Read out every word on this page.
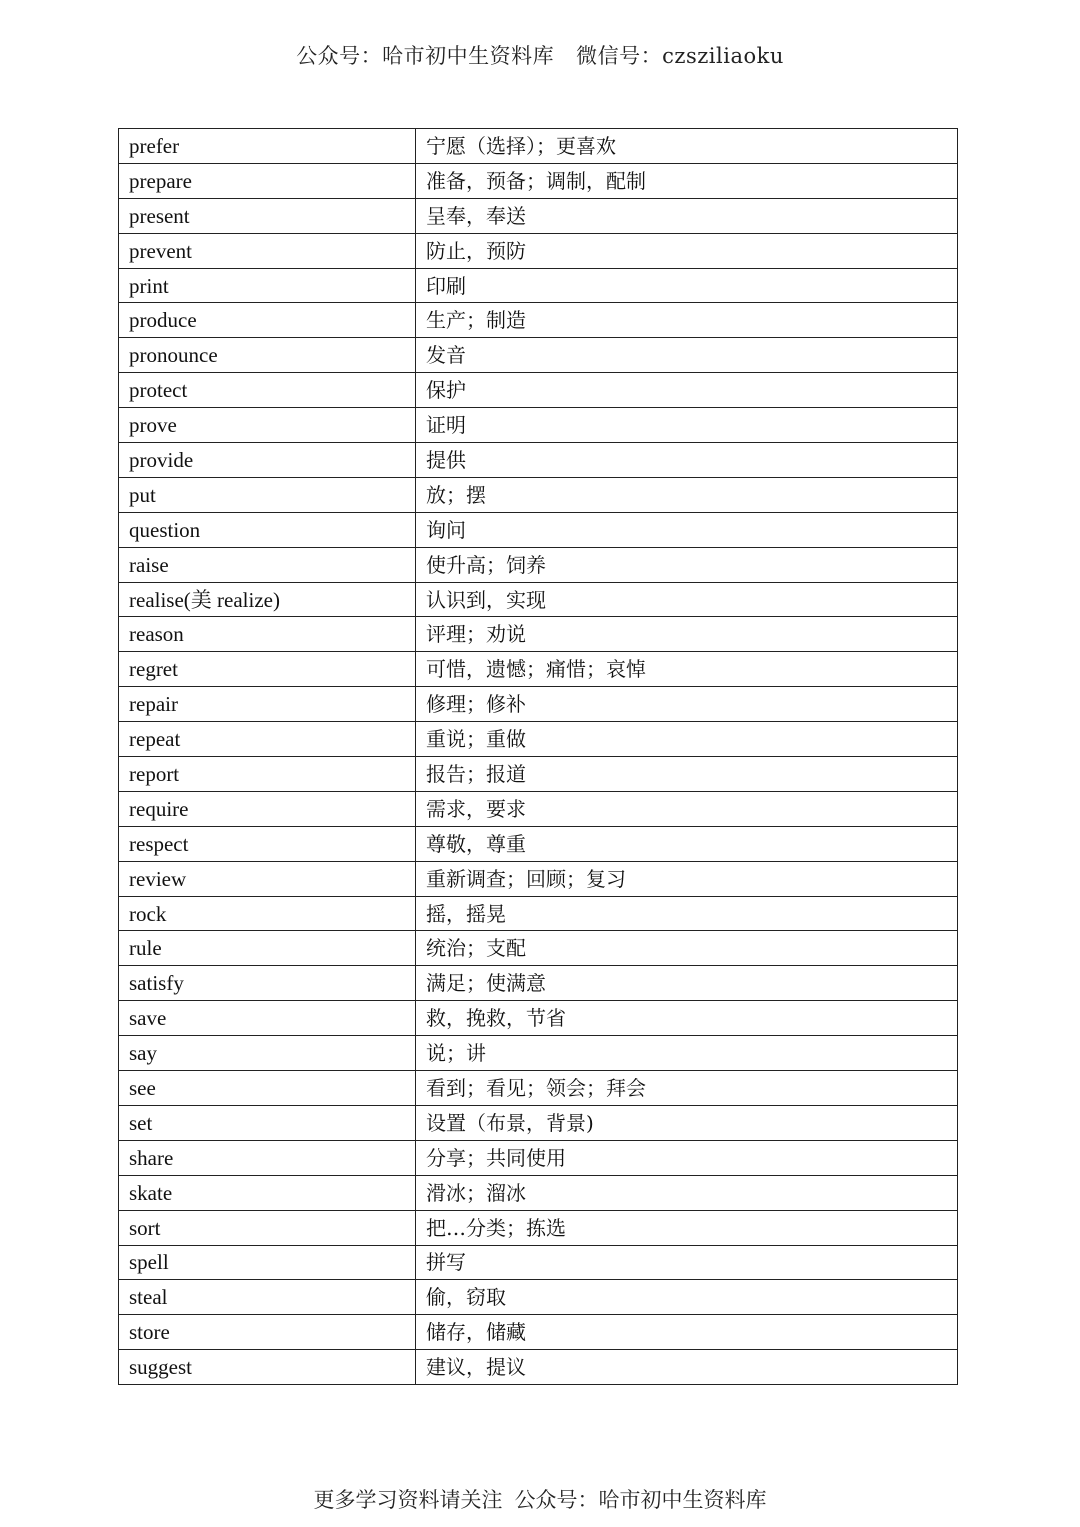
公众号：哈市初中生资料库 微信号：czsziliaoku
prefer	宁愿（选择）；更喜欢
prepare	准备，预备；调制，配制
present	呈奉，奉送
prevent	防止，预防
print	印刷
produce	生产；制造
pronounce	发音
protect	保护
prove	证明
provide	提供
put	放；摆
question	询问
raise	使升高；饲养
realise(美 realize)	认识到，实现
reason	评理；劝说
regret	可惜，遗憾；痛惜；哀悼
repair	修理；修补
repeat	重说；重做
report	报告；报道
require	需求，要求
respect	尊敬，尊重
review	重新调查；回顾；复习
rock	摇，摇晃
rule	统治；支配
satisfy	满足；使满意
save	救，挽救，节省
say	说；讲
see	看到；看见；领会；拜会
set	设置（布景，背景)
share	分享；共同使用
skate	滑冰；溜冰
sort	把…分类；拣选
spell	拼写
steal	偷，窃取
store	储存，储藏
suggest	建议，提议
更多学习资料请关注 公众号：哈市初中生资料库
